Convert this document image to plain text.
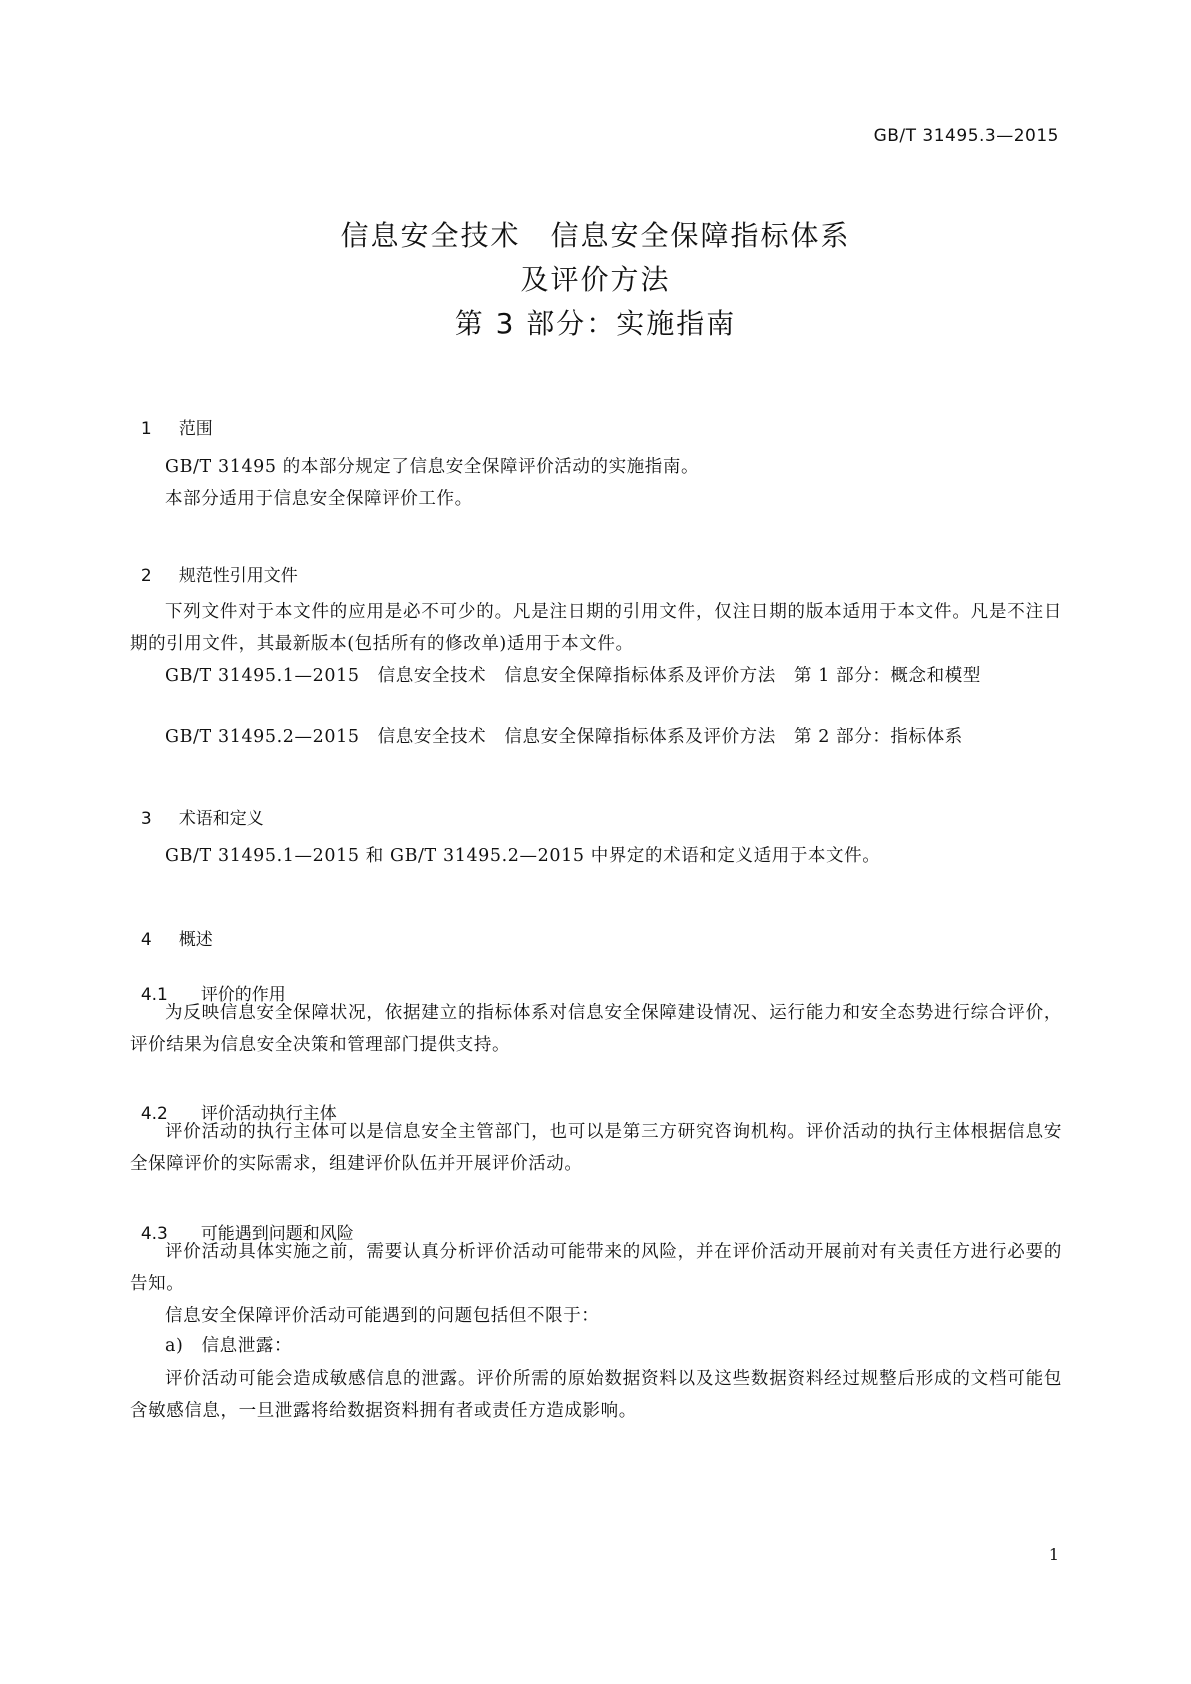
GB/T 31495.3—2015
信息安全技术　信息安全保障指标体系
及评价方法
第 3 部分：实施指南

1 范围

GB/T 31495 的本部分规定了信息安全保障评价活动的实施指南。
本部分适用于信息安全保障评价工作。

2 规范性引用文件

下列文件对于本文件的应用是必不可少的。凡是注日期的引用文件，仅注日期的版本适用于本文件。凡是不注日期的引用文件，其最新版本(包括所有的修改单)适用于本文件。
GB/T 31495.1—2015　信息安全技术　信息安全保障指标体系及评价方法　第 1 部分：概念和模型
GB/T 31495.2—2015　信息安全技术　信息安全保障指标体系及评价方法　第 2 部分：指标体系

3 术语和定义

GB/T 31495.1—2015 和 GB/T 31495.2—2015 中界定的术语和定义适用于本文件。

4 概述

4.1 评价的作用

为反映信息安全保障状况，依据建立的指标体系对信息安全保障建设情况、运行能力和安全态势进行综合评价，评价结果为信息安全决策和管理部门提供支持。

4.2 评价活动执行主体

评价活动的执行主体可以是信息安全主管部门，也可以是第三方研究咨询机构。评价活动的执行主体根据信息安全保障评价的实际需求，组建评价队伍并开展评价活动。

4.3 可能遇到问题和风险

评价活动具体实施之前，需要认真分析评价活动可能带来的风险，并在评价活动开展前对有关责任方进行必要的告知。
信息安全保障评价活动可能遇到的问题包括但不限于：
a)　信息泄露：
评价活动可能会造成敏感信息的泄露。评价所需的原始数据资料以及这些数据资料经过规整后形成的文档可能包含敏感信息，一旦泄露将给数据资料拥有者或责任方造成影响。
1
